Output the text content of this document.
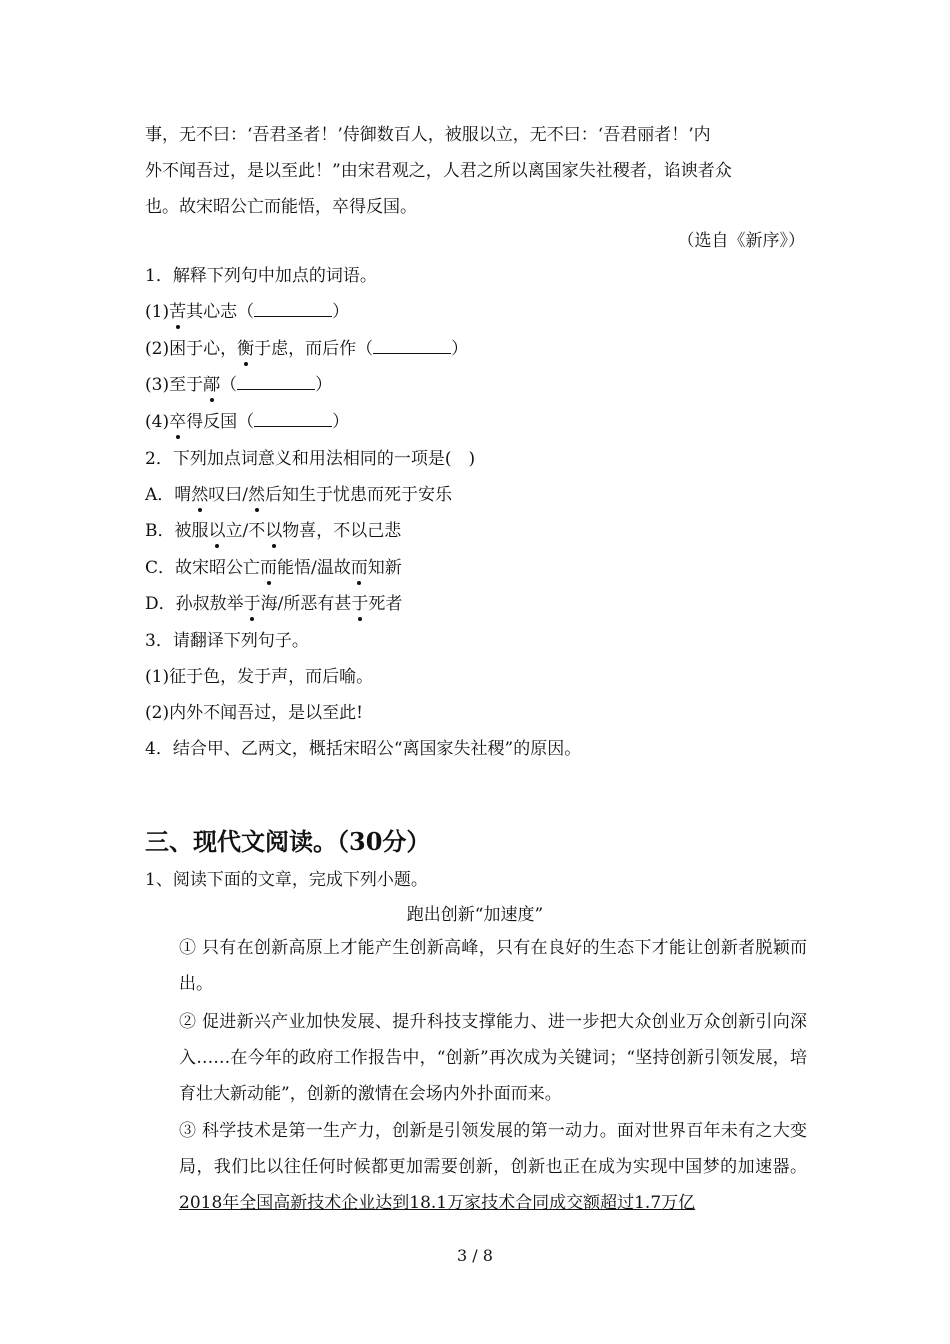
事，无不曰：‘吾君圣者！’侍御数百人，被服以立，无不曰：‘吾君丽者！’内
外不闻吾过，是以至此！”由宋君观之，人君之所以离国家失社稷者，谄谀者众
也。故宋昭公亡而能悟，卒得反国。
（选自《新序》）
1．解释下列句中加点的词语。
(1)苦其心志（	）
(2)困于心，衡于虑，而后作（	）
(3)至于鄗（	）
(4)卒得反国（	）
2．下列加点词意义和用法相同的一项是(　)
A．喟然叹曰/然后知生于忧患而死于安乐
B．被服以立/不以物喜，不以己悲
C．故宋昭公亡而能悟/温故而知新
D．孙叔敖举于海/所恶有甚于死者
3．请翻译下列句子。
(1)征于色，发于声，而后喻。
(2)内外不闻吾过，是以至此!
4．结合甲、乙两文，概括宋昭公“离国家失社稷”的原因。
三、现代文阅读。（30分）
1、阅读下面的文章，完成下列小题。
跑出创新“加速度”
① 只有在创新高原上才能产生创新高峰，只有在良好的生态下才能让创新者脱颖而出。
② 促进新兴产业加快发展、提升科技支撑能力、进一步把大众创业万众创新引向深入……在今年的政府工作报告中，“创新”再次成为关键词；“坚持创新引领发展，培育壮大新动能”，创新的激情在会场内外扑面而来。
③ 科学技术是第一生产力，创新是引领发展的第一动力。面对世界百年未有之大变局，我们比以往任何时候都更加需要创新，创新也正在成为实现中国梦的加速器。2018年全国高新技术企业达到18.1万家技术合同成交额超过1.7万亿
3 / 8
